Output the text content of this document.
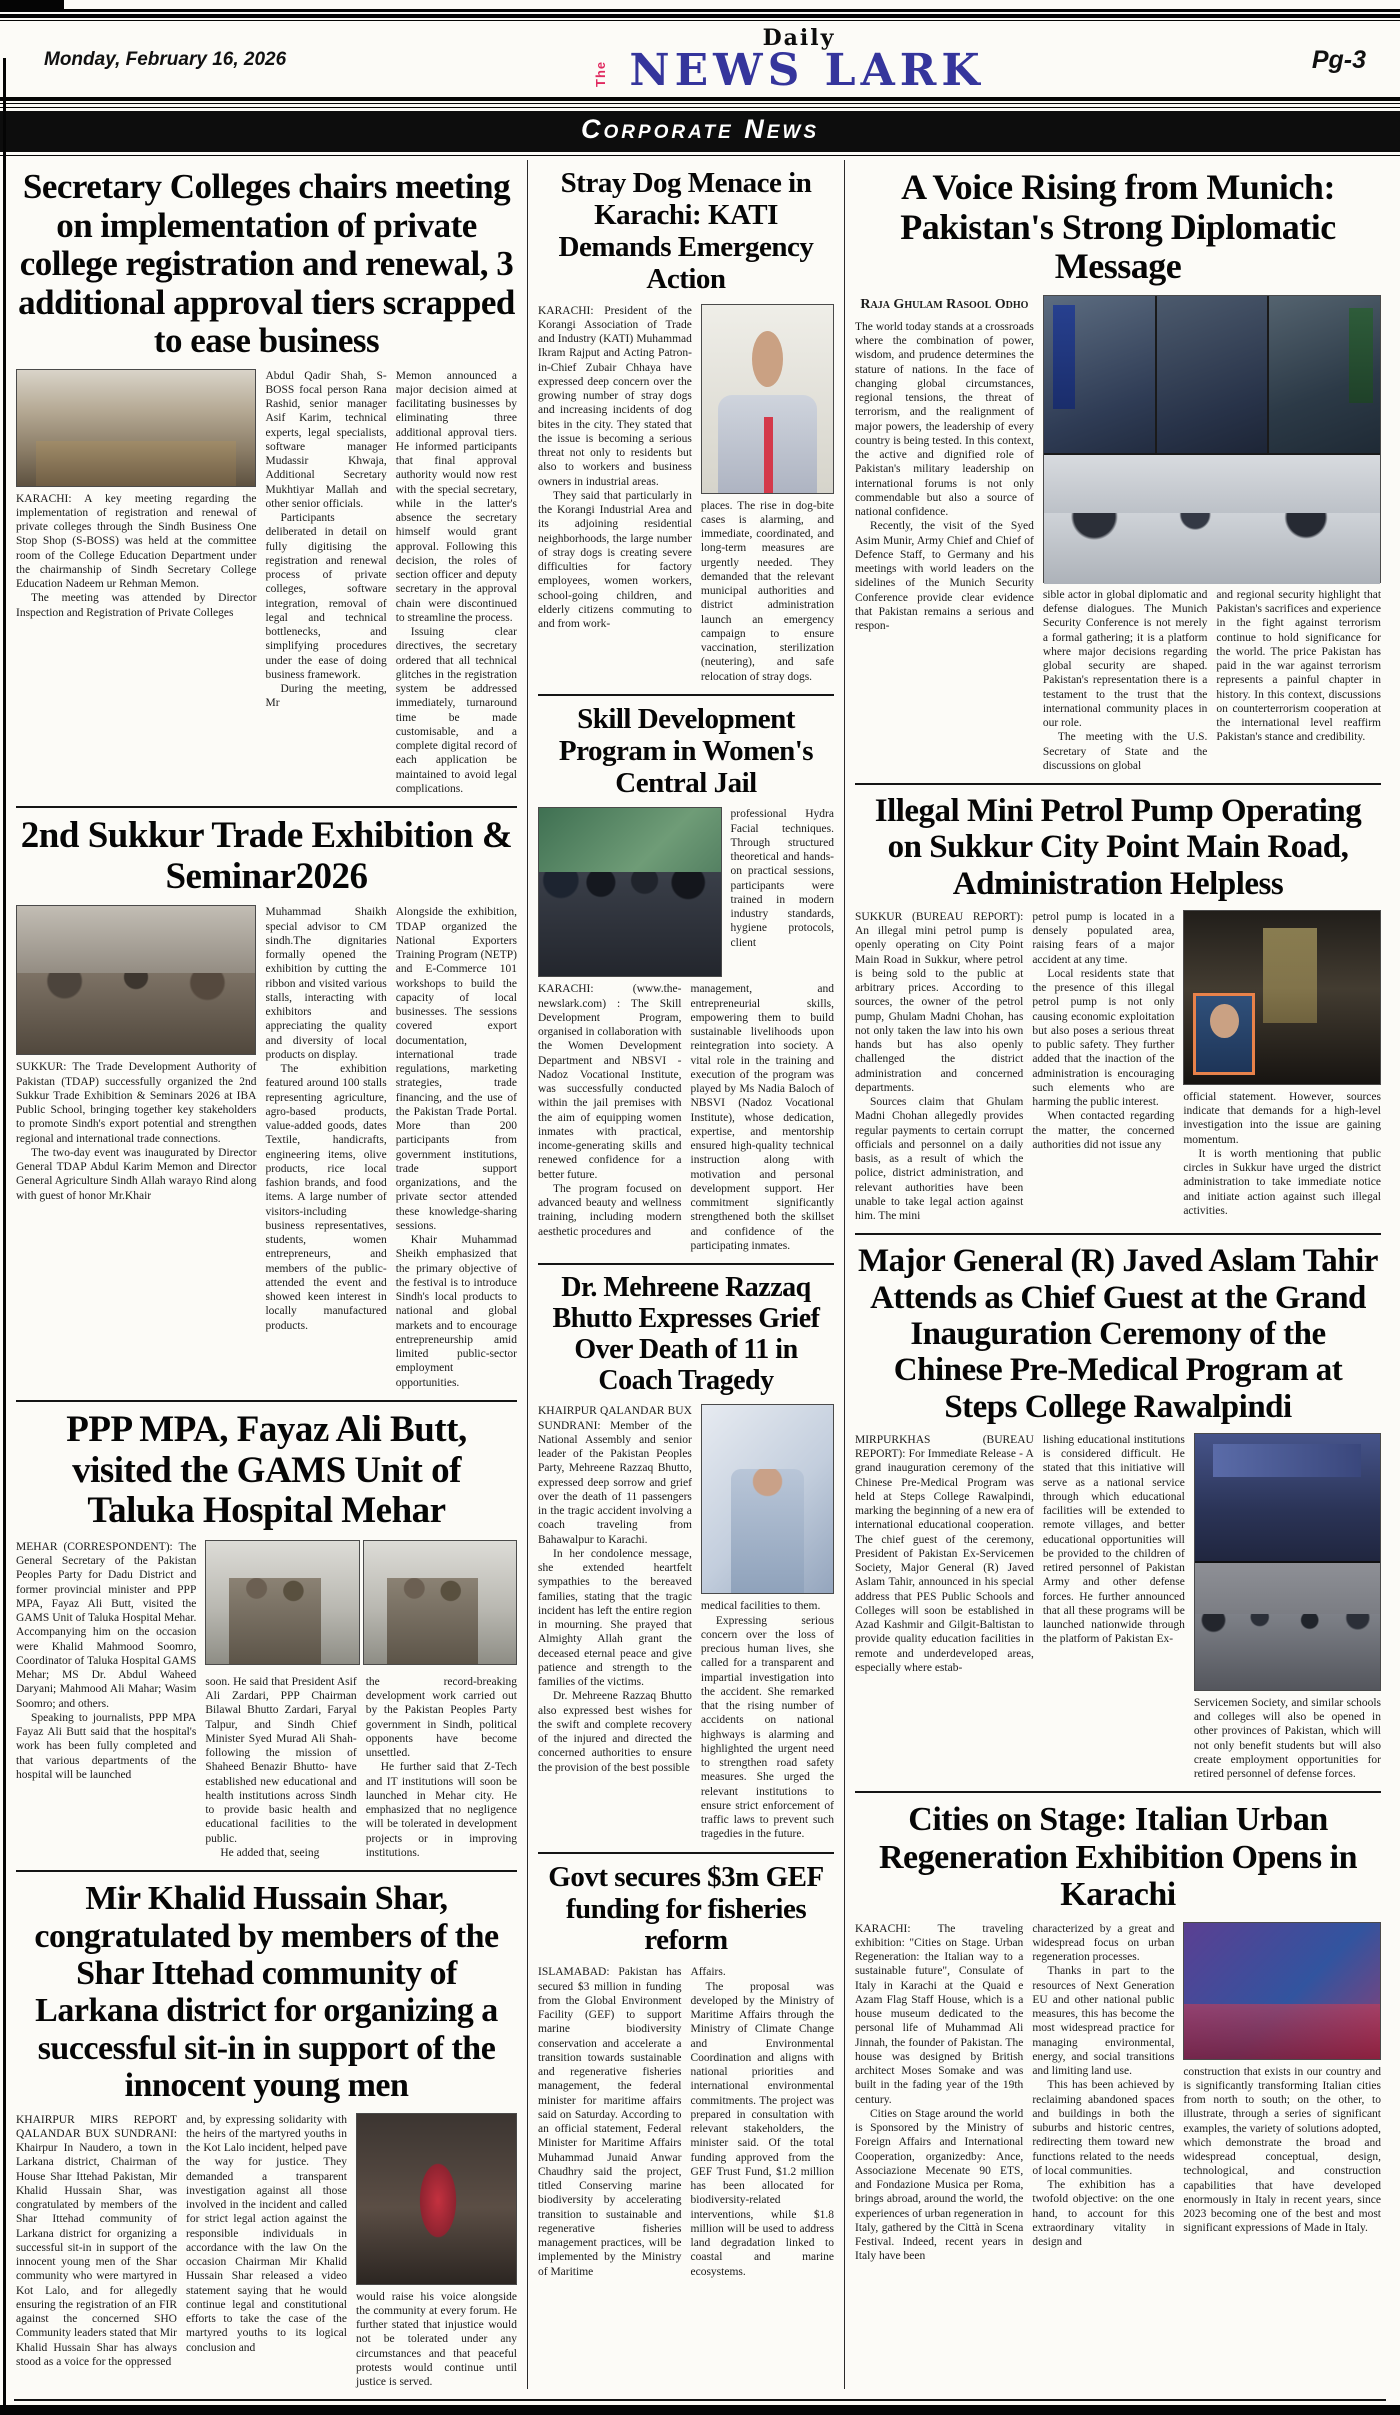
Monday, February 16, 2026
Daily
The NEWS LARK	Pg-3
Corporate News
Secretary Colleges chairs meeting on implementation of private college registration and renewal, 3 additional approval tiers scrapped to ease business

KARACHI: A key meeting regarding the implementation of registration and renewal of private colleges through the Sindh Business One Stop Shop (S-BOSS) was held at the committee room of the College Education Department under the chairmanship of Sindh Secretary College Education Nadeem ur Rehman Memon.

The meeting was attended by Director Inspection and Registration of Private Colleges

Abdul Qadir Shah, S-BOSS focal person Rana Rashid, senior manager Asif Karim, technical experts, legal specialists, software manager Mudassir Khwaja, Additional Secretary Mukhtiyar Mallah and other senior officials.

Participants deliberated in detail on fully digitising the registration and renewal process of private colleges, software integration, removal of legal and technical bottlenecks, and simplifying procedures under the ease of doing business framework.

During the meeting, Mr

Memon announced a major decision aimed at facilitating businesses by eliminating three additional approval tiers. He informed participants that final approval authority would now rest with the special secretary, while in the latter's absence the secretary himself would grant approval. Following this decision, the roles of section officer and deputy secretary in the approval chain were discontinued to streamline the process.

Issuing clear directives, the secretary ordered that all technical glitches in the registration system be addressed immediately, turnaround time be made customisable, and a complete digital record of each application be maintained to avoid legal complications.

2nd Sukkur Trade Exhibition & Seminar2026

SUKKUR: The Trade Development Authority of Pakistan (TDAP) successfully organized the 2nd Sukkur Trade Exhibition & Seminars 2026 at IBA Public School, bringing together key stakeholders to promote Sindh's export potential and strengthen regional and international trade connections.

The two-day event was inaugurated by Director General TDAP Abdul Karim Memon and Director General Agriculture Sindh Allah warayo Rind along with guest of honor Mr.Khair

Muhammad Shaikh special advisor to CM sindh.The dignitaries formally opened the exhibition by cutting the ribbon and visited various stalls, interacting with exhibitors and appreciating the quality and diversity of local products on display.

The exhibition featured around 100 stalls representing agriculture, agro-based products, value-added goods, dates Textile, handicrafts, engineering items, olive products, rice local fashion brands, and food items. A large number of visitors-including business representatives, students, women entrepreneurs, and members of the public-attended the event and showed keen interest in locally manufactured products.

Alongside the exhibition, TDAP organized the National Exporters Training Program (NETP) and E-Commerce 101 workshops to build the capacity of local businesses. The sessions covered export documentation, international trade regulations, marketing strategies, trade financing, and the use of the Pakistan Trade Portal. More than 200 participants from government institutions, trade support organizations, and the private sector attended these knowledge-sharing sessions.

Khair Muhammad Sheikh emphasized that the primary objective of the festival is to introduce Sindh's local products to national and global markets and to encourage entrepreneurship amid limited public-sector employment opportunities.

PPP MPA, Fayaz Ali Butt, visited the GAMS Unit of Taluka Hospital Mehar

MEHAR (CORRESPONDENT): The General Secretary of the Pakistan Peoples Party for Dadu District and former provincial minister and PPP MPA, Fayaz Ali Butt, visited the GAMS Unit of Taluka Hospital Mehar. Accompanying him on the occasion were Khalid Mahmood Soomro, Coordinator of Taluka Hospital GAMS Mehar; MS Dr. Abdul Waheed Daryani; Mahmood Ali Mahar; Wasim Soomro; and others.

Speaking to journalists, PPP MPA Fayaz Ali Butt said that the hospital's work has been fully completed and that various departments of the hospital will be launched

soon. He said that President Asif Ali Zardari, PPP Chairman Bilawal Bhutto Zardari, Faryal Talpur, and Sindh Chief Minister Syed Murad Ali Shah-following the mission of Shaheed Benazir Bhutto- have established new educational and health institutions across Sindh to provide basic health and educational facilities to the public.

He added that, seeing

the record-breaking development work carried out by the Pakistan Peoples Party government in Sindh, political opponents have become unsettled.

He further said that Z-Tech and IT institutions will soon be launched in Mehar city. He emphasized that no negligence will be tolerated in development projects or in improving institutions.

Mir Khalid Hussain Shar, congratulated by members of the Shar Ittehad community of Larkana district for organizing a successful sit-in in support of the innocent young men

KHAIRPUR MIRS REPORT QALANDAR BUX SUNDRANI: Khairpur In Naudero, a town in Larkana district, Chairman of House Shar Ittehad Pakistan, Mir Khalid Hussain Shar, was congratulated by members of the Shar Ittehad community of Larkana district for organizing a successful sit-in in support of the innocent young men of the Shar community who were martyred in Kot Lalo, and for allegedly ensuring the registration of an FIR against the concerned SHO Community leaders stated that Mir Khalid Hussain Shar has always stood as a voice for the oppressed

and, by expressing solidarity with the heirs of the martyred youths in the Kot Lalo incident, helped pave the way for justice. They demanded a transparent investigation against all those involved in the incident and called for strict legal action against the responsible individuals in accordance with the law On the occasion Chairman Mir Khalid Hussain Shar released a video statement saying that he would continue legal and constitutional efforts to take the case of the martyred youths to its logical conclusion and

would raise his voice alongside the community at every forum. He further stated that injustice would not be tolerated under any circumstances and that peaceful protests would continue until justice is served.

Stray Dog Menace in Karachi: KATI Demands Emergency Action

KARACHI: President of the Korangi Association of Trade and Industry (KATI) Muhammad Ikram Rajput and Acting Patron-in-Chief Zubair Chhaya have expressed deep concern over the growing number of stray dogs and increasing incidents of dog bites in the city. They stated that the issue is becoming a serious threat not only to residents but also to workers and business owners in industrial areas.

They said that particularly in the Korangi Industrial Area and its adjoining residential neighborhoods, the large number of stray dogs is creating severe difficulties for factory employees, women workers, school-going children, and elderly citizens commuting to and from work-

places. The rise in dog-bite cases is alarming, and immediate, coordinated, and long-term measures are urgently needed. They demanded that the relevant municipal authorities and district administration launch an emergency campaign to ensure vaccination, sterilization (neutering), and safe relocation of stray dogs.

Skill Development Program in Women's Central Jail

professional Hydra Facial techniques. Through structured theoretical and hands-on practical sessions, participants were trained in modern industry standards, hygiene protocols, client

KARACHI: (www.the-newslark.com) : The Skill Development Program, organised in collaboration with the Women Development Department and NBSVI - Nadoz Vocational Institute, was successfully conducted within the jail premises with the aim of equipping women inmates with practical, income-generating skills and renewed confidence for a better future.

The program focused on advanced beauty and wellness training, including modern aesthetic procedures and

management, and entrepreneurial skills, empowering them to build sustainable livelihoods upon reintegration into society. A vital role in the training and execution of the program was played by Ms Nadia Baloch of NBSVI (Nadoz Vocational Institute), whose dedication, expertise, and mentorship ensured high-quality technical instruction along with motivation and personal development support. Her commitment significantly strengthened both the skillset and confidence of the participating inmates.

Dr. Mehreene Razzaq Bhutto Expresses Grief Over Death of 11 in Coach Tragedy

KHAIRPUR QALANDAR BUX SUNDRANI: Member of the National Assembly and senior leader of the Pakistan Peoples Party, Mehreene Razzaq Bhutto, expressed deep sorrow and grief over the death of 11 passengers in the tragic accident involving a coach traveling from Bahawalpur to Karachi.

In her condolence message, she extended heartfelt sympathies to the bereaved families, stating that the tragic incident has left the entire region in mourning. She prayed that Almighty Allah grant the deceased eternal peace and give patience and strength to the families of the victims.

Dr. Mehreene Razzaq Bhutto also expressed best wishes for the swift and complete recovery of the injured and directed the concerned authorities to ensure the provision of the best possible

medical facilities to them.

Expressing serious concern over the loss of precious human lives, she called for a transparent and impartial investigation into the accident. She remarked that the rising number of accidents on national highways is alarming and highlighted the urgent need to strengthen road safety measures. She urged the relevant institutions to ensure strict enforcement of traffic laws to prevent such tragedies in the future.

Govt secures $3m GEF funding for fisheries reform

ISLAMABAD: Pakistan has secured $3 million in funding from the Global Environment Facility (GEF) to support marine biodiversity conservation and accelerate a transition towards sustainable and regenerative fisheries management, the federal minister for maritime affairs said on Saturday. According to an official statement, Federal Minister for Maritime Affairs Muhammad Junaid Anwar Chaudhry said the project, titled Conserving marine biodiversity by accelerating transition to sustainable and regenerative fisheries management practices, will be implemented by the Ministry of Maritime

Affairs.

The proposal was developed by the Ministry of Maritime Affairs through the Ministry of Climate Change and Environmental Coordination and aligns with national priorities and international environmental commitments. The project was prepared in consultation with relevant stakeholders, the minister said. Of the total funding approved from the GEF Trust Fund, $1.2 million has been allocated for biodiversity-related interventions, while $1.8 million will be used to address land degradation linked to coastal and marine ecosystems.

A Voice Rising from Munich: Pakistan's Strong Diplomatic Message
Raja Ghulam Rasool Odho

The world today stands at a crossroads where the combination of power, wisdom, and prudence determines the stature of nations. In the face of changing global circumstances, regional tensions, the threat of terrorism, and the realignment of major powers, the leadership of every country is being tested. In this context, the active and dignified role of Pakistan's military leadership on international forums is not only commendable but also a source of national confidence.

Recently, the visit of the Syed Asim Munir, Army Chief and Chief of Defence Staff, to Germany and his meetings with world leaders on the sidelines of the Munich Security Conference provide clear evidence that Pakistan remains a serious and respon-

sible actor in global diplomatic and defense dialogues. The Munich Security Conference is not merely a formal gathering; it is a platform where major decisions regarding global security are shaped. Pakistan's representation there is a testament to the trust that the international community places in our role.

The meeting with the U.S. Secretary of State and the discussions on global

and regional security highlight that Pakistan's sacrifices and experience in the fight against terrorism continue to hold significance for the world. The price Pakistan has paid in the war against terrorism represents a painful chapter in history. In this context, discussions on counterterrorism cooperation at the international level reaffirm Pakistan's stance and credibility.

Illegal Mini Petrol Pump Operating on Sukkur City Point Main Road, Administration Helpless

SUKKUR (BUREAU REPORT): An illegal mini petrol pump is openly operating on City Point Main Road in Sukkur, where petrol is being sold to the public at arbitrary prices. According to sources, the owner of the petrol pump, Ghulam Madni Chohan, has not only taken the law into his own hands but has also openly challenged the district administration and concerned departments.

Sources claim that Ghulam Madni Chohan allegedly provides regular payments to certain corrupt officials and personnel on a daily basis, as a result of which the police, district administration, and relevant authorities have been unable to take legal action against him. The mini

petrol pump is located in a densely populated area, raising fears of a major accident at any time.

Local residents state that the presence of this illegal petrol pump is not only causing economic exploitation but also poses a serious threat to public safety. They further added that the inaction of the administration is encouraging such elements who are harming the public interest.

When contacted regarding the matter, the concerned authorities did not issue any

official statement. However, sources indicate that demands for a high-level investigation into the issue are gaining momentum.

It is worth mentioning that public circles in Sukkur have urged the district administration to take immediate notice and initiate action against such illegal activities.

Major General (R) Javed Aslam Tahir Attends as Chief Guest at the Grand Inauguration Ceremony of the Chinese Pre-Medical Program at Steps College Rawalpindi

MIRPURKHAS (BUREAU REPORT): For Immediate Release - A grand inauguration ceremony of the Chinese Pre-Medical Program was held at Steps College Rawalpindi, marking the beginning of a new era of international educational cooperation. The chief guest of the ceremony, President of Pakistan Ex-Servicemen Society, Major General (R) Javed Aslam Tahir, announced in his special address that PES Public Schools and Colleges will soon be established in Azad Kashmir and Gilgit-Baltistan to provide quality education facilities in remote and underdeveloped areas, especially where estab-

lishing educational institutions is considered difficult. He stated that this initiative will serve as a national service through which educational facilities will be extended to remote villages, and better educational opportunities will be provided to the children of retired personnel of Pakistan Army and other defense forces. He further announced that all these programs will be launched nationwide through the platform of Pakistan Ex-

Servicemen Society, and similar schools and colleges will also be opened in other provinces of Pakistan, which will not only benefit students but will also create employment opportunities for retired personnel of defense forces.

Cities on Stage: Italian Urban Regeneration Exhibition Opens in Karachi

KARACHI: The traveling exhibition: "Cities on Stage. Urban Regeneration: the Italian way to a sustainable future", Consulate of Italy in Karachi at the Quaid e Azam Flag Staff House, which is a house museum dedicated to the personal life of Muhammad Ali Jinnah, the founder of Pakistan. The house was designed by British architect Moses Somake and was built in the fading year of the 19th century.

Cities on Stage around the world is Sponsored by the Ministry of Foreign Affairs and International Cooperation, organizedby: Ance, Associazione Mecenate 90 ETS, and Fondazione Musica per Roma, brings abroad, around the world, the experiences of urban regeneration in Italy, gathered by the Città in Scena Festival. Indeed, recent years in Italy have been

characterized by a great and widespread focus on urban regeneration processes.

Thanks in part to the resources of Next Generation EU and other national public measures, this has become the most widespread practice for managing environmental, energy, and social transitions and limiting land use.

This has been achieved by reclaiming abandoned spaces and buildings in both the suburbs and historic centres, redirecting them toward new functions related to the needs of local communities.

The exhibition has a twofold objective: on the one hand, to account for this extraordinary vitality in design and

construction that exists in our country and is significantly transforming Italian cities from north to south; on the other, to illustrate, through a series of significant examples, the variety of solutions adopted, which demonstrate the broad and widespread conceptual, design, technological, and construction capabilities that have developed enormously in Italy in recent years, since 2023 becoming one of the best and most significant expressions of Made in Italy.
